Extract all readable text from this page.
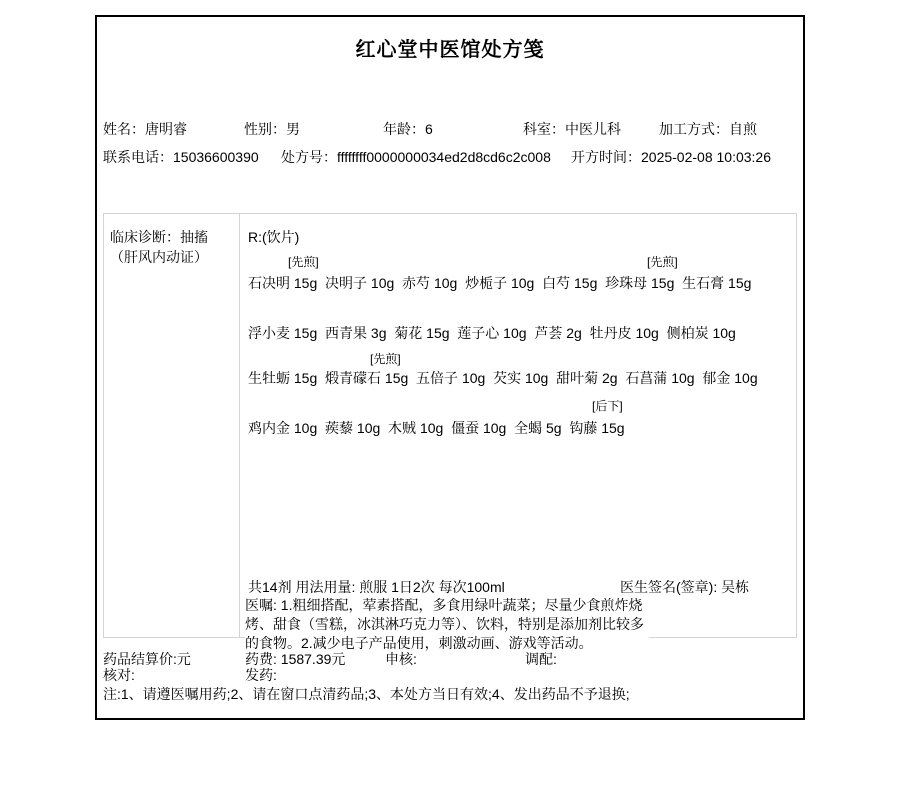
红心堂中医馆处方笺
姓名：唐明睿	性别：男	年龄：6	科室：中医儿科	加工方式：自煎
联系电话：15036600390 处方号：ffffffff0000000034ed2d8cd6c2c008 开方时间：2025-02-08 10:03:26
临床诊断：抽搐（肝风内动证）
R:(饮片)
[先煎]	[先煎]
石决明 15g  决明子 10g  赤芍 10g  炒栀子 10g  白芍 15g  珍珠母 15g  生石膏 15g
浮小麦 15g  西青果 3g  菊花 15g  莲子心 10g  芦荟 2g  牡丹皮 10g  侧柏炭 10g
[先煎]
生牡蛎 15g  煅青礞石 15g  五倍子 10g  芡实 10g  甜叶菊 2g  石菖蒲 10g  郁金 10g
[后下]
鸡内金 10g  蒺藜 10g  木贼 10g  僵蚕 10g  全蝎 5g  钩藤 15g
共14剂 用法用量: 煎服 1日2次 每次100ml	医生签名(签章): 吴栋
医嘱: 1.粗细搭配，荤素搭配，多食用绿叶蔬菜；尽量少食煎炸烧烤、甜食（雪糕，冰淇淋巧克力等）、饮料，特别是添加剂比较多的食物。2.减少电子产品使用，刺激动画、游戏等活动。
药品结算价:元	药费: 1587.39元	申核:	调配:
核对:	发药:
注:1、请遵医嘱用药;2、请在窗口点清药品;3、本处方当日有效;4、发出药品不予退换;
